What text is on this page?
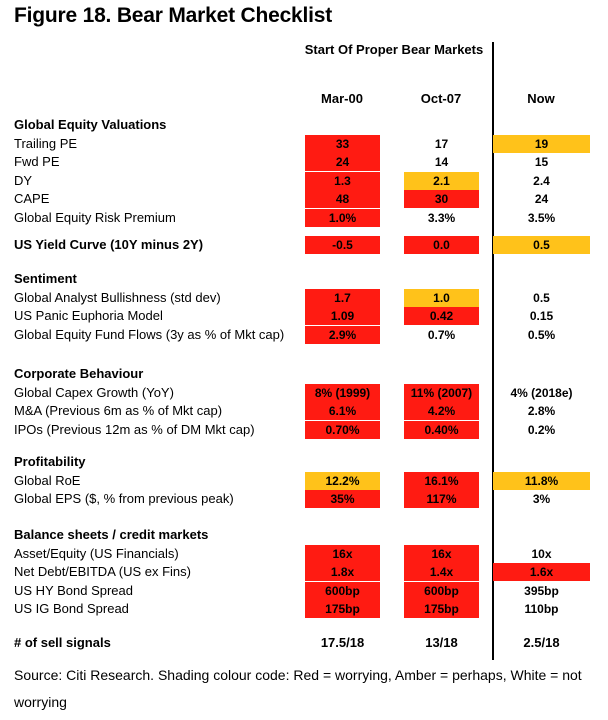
Figure 18. Bear Market Checklist
Start Of Proper Bear Markets
Mar-00	Oct-07	Now
Global Equity Valuations
Trailing PE	33	17	19
Fwd PE	24	14	15
DY	1.3	2.1	2.4
CAPE	48	30	24
Global Equity Risk Premium	1.0%	3.3%	3.5%
US Yield Curve (10Y minus 2Y)	-0.5	0.0	0.5
Sentiment
Global Analyst Bullishness (std dev)	1.7	1.0	0.5
US Panic Euphoria Model	1.09	0.42	0.15
Global Equity Fund Flows (3y as % of Mkt cap)	2.9%	0.7%	0.5%
Corporate Behaviour
Global Capex Growth (YoY)	8% (1999)	11% (2007)	4% (2018e)
M&A (Previous 6m as % of Mkt cap)	6.1%	4.2%	2.8%
IPOs (Previous 12m as % of DM Mkt cap)	0.70%	0.40%	0.2%
Profitability
Global RoE	12.2%	16.1%	11.8%
Global EPS ($, % from previous peak)	35%	117%	3%
Balance sheets / credit markets
Asset/Equity (US Financials)	16x	16x	10x
Net Debt/EBITDA (US ex Fins)	1.8x	1.4x	1.6x
US HY Bond Spread	600bp	600bp	395bp
US IG Bond Spread	175bp	175bp	110bp
# of sell signals	17.5/18	13/18	2.5/18
Source: Citi Research. Shading colour code: Red = worrying, Amber = perhaps, White = not worrying
